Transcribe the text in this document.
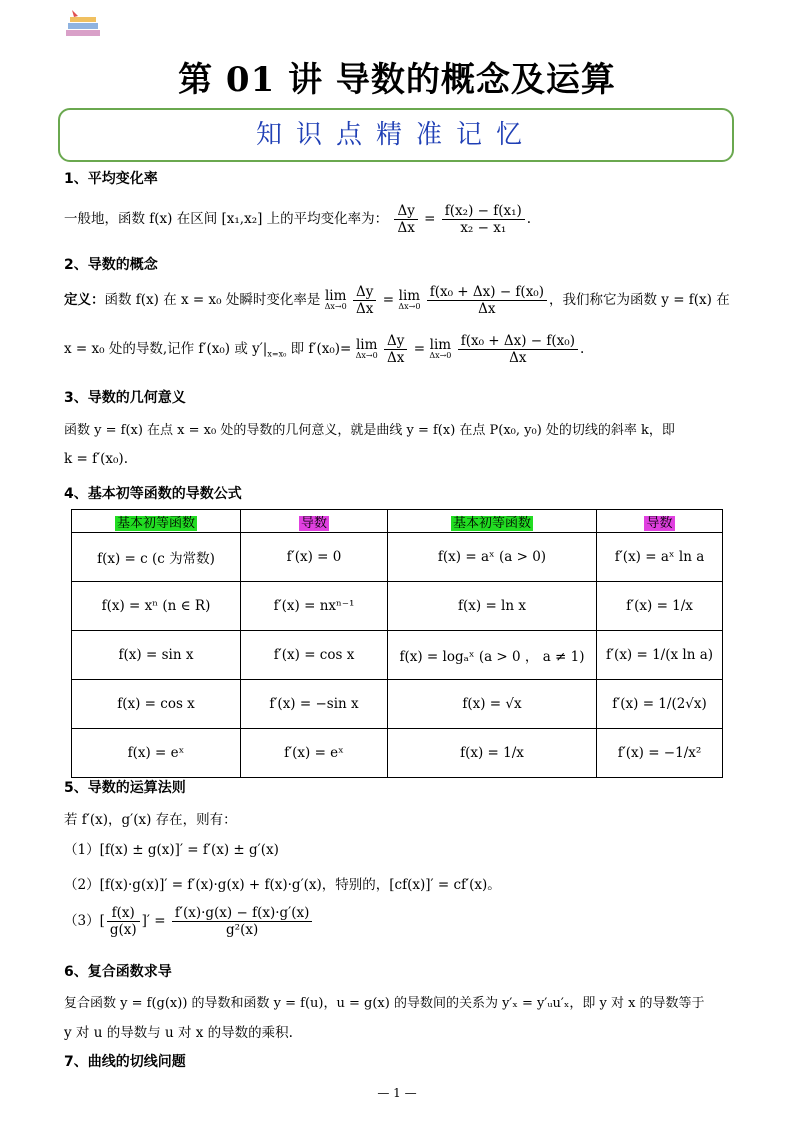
第 01 讲 导数的概念及运算
知识点精准记忆
1、平均变化率
一般地，函数 f(x) 在区间 [x₁,x₂] 上的平均变化率为： $\frac{\Delta y}{\Delta x} = \frac{\text{f(x₂) − f(x₁)}}{\text{x₂ − x₁}}$ .
2、导数的概念
定义：函数 f(x) 在 x = x₀ 处瞬时变化率是 lim
Δx→0
$\frac{\Delta y}{\Delta x} = \lim$
Δx→0
$\frac{\text{f(x₀ + Δx) − f(x₀)}}{\Delta x}$ ，我们称它为函数 y = f(x) 在
x = x₀ 处的导数,记作 f′(x₀) 或 $y'|_{x=x_0}$ 即 f′(x₀)= lim
Δx→0
$\frac{\Delta y}{\Delta x} = \lim$
Δx→0
$\frac{\text{f(x₀ + Δx) − f(x₀)}}{\Delta x}$ .
3、导数的几何意义
函数 y = f(x) 在点 x = x₀ 处的导数的几何意义，就是曲线 y = f(x) 在点 P(x₀, y₀) 处的切线的斜率 k，即
k = f′(x₀).
4、基本初等函数的导数公式
基本初等函数	导数	基本初等函数	导数
f(x) = c (c 为常数)	f′(x) = 0	f(x) = aˣ (a > 0)	f′(x) = aˣ ln a
f(x) = xⁿ (n ∈ R)	f′(x) = nxⁿ⁻¹	f(x) = ln x	f′(x) = 1/x
f(x) = sin x	f′(x) = cos x	f(x) = logₐˣ (a > 0 ， a ≠ 1)	f′(x) = 1/(x ln a)
f(x) = cos x	f′(x) = −sin x	f(x) = √x	f′(x) = 1/(2√x)
f(x) = eˣ	f′(x) = eˣ	f(x) = 1/x	f′(x) = −1/x²
5、导数的运算法则
若 f′(x)，g′(x) 存在，则有：
（1）[f(x) ± g(x)]′ = f′(x) ± g′(x)
（2）[f(x)·g(x)]′ = f′(x)·g(x) + f(x)·g′(x)，特别的，[cf(x)]′ = cf′(x)。
$(3)[ \frac{f(x)}{g(x)}$ ]′ = $\frac{f'(x)\cdot g(x) - f(x)\cdot g'(x)}{\text{g²(x)}}$
6、复合函数求导
复合函数 y = f(g(x)) 的导数和函数 y = f(u)，u = g(x) 的导数间的关系为 y′ₓ = y′ᵤu′ₓ，即 y 对 x 的导数等于
y 对 u 的导数与 u 对 x 的导数的乘积.
7、曲线的切线问题
— 1 —
